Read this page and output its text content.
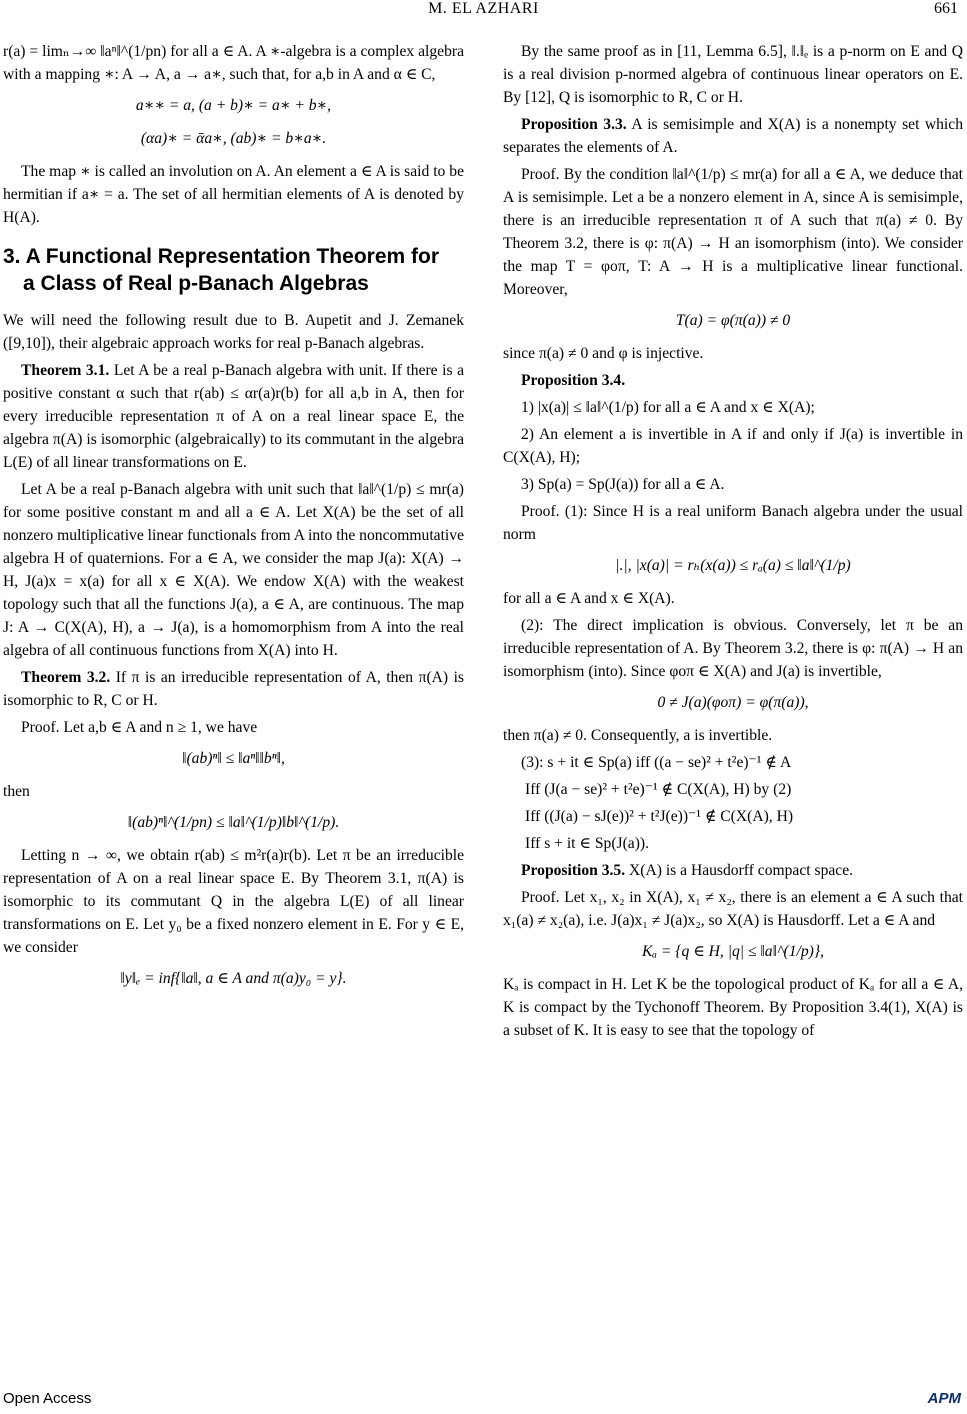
M. EL AZHARI	661

r(a) = limₙ→∞ ‖aⁿ‖^(1/pn) for all a ∈ A. A ∗-algebra is a complex algebra with a mapping ∗: A → A, a → a∗, such that, for a,b in A and α ∈ C,

a∗∗ = a, (a + b)∗ = a∗ + b∗,
(αa)∗ = ᾱa∗, (ab)∗ = b∗a∗.

The map ∗ is called an involution on A. An element a ∈ A is said to be hermitian if a∗ = a. The set of all hermitian elements of A is denoted by H(A).

3. A Functional Representation Theorem for
a Class of Real p-Banach Algebras

We will need the following result due to B. Aupetit and J. Zemanek ([9,10]), their algebraic approach works for real p-Banach algebras.

Theorem 3.1. Let A be a real p-Banach algebra with unit. If there is a positive constant α such that r(ab) ≤ αr(a)r(b) for all a,b in A, then for every irreducible representation π of A on a real linear space E, the algebra π(A) is isomorphic (algebraically) to its commutant in the algebra L(E) of all linear transformations on E.

Let A be a real p-Banach algebra with unit such that ‖a‖^(1/p) ≤ mr(a) for some positive constant m and all a ∈ A. Let X(A) be the set of all nonzero multiplicative linear functionals from A into the noncommutative algebra H of quaternions. For a ∈ A, we consider the map J(a): X(A) → H, J(a)x = x(a) for all x ∈ X(A). We endow X(A) with the weakest topology such that all the functions J(a), a ∈ A, are continuous. The map J: A → C(X(A), H), a → J(a), is a homomorphism from A into the real algebra of all continuous functions from X(A) into H.

Theorem 3.2. If π is an irreducible representation of A, then π(A) is isomorphic to R, C or H.

Proof. Let a,b ∈ A and n ≥ 1, we have

‖(ab)ⁿ‖ ≤ ‖aⁿ‖‖bⁿ‖,

then

‖(ab)ⁿ‖^(1/pn) ≤ ‖a‖^(1/p)‖b‖^(1/p).

Letting n → ∞, we obtain r(ab) ≤ m²r(a)r(b). Let π be an irreducible representation of A on a real linear space E. By Theorem 3.1, π(A) is isomorphic to its commutant Q in the algebra L(E) of all linear transformations on E. Let y₀ be a fixed nonzero element in E. For y ∈ E, we consider

‖y‖ₑ = inf{‖a‖, a ∈ A and π(a)y₀ = y}.

By the same proof as in [11, Lemma 6.5], ‖.‖ₑ is a p-norm on E and Q is a real division p-normed algebra of continuous linear operators on E. By [12], Q is isomorphic to R, C or H.

Proposition 3.3. A is semisimple and X(A) is a nonempty set which separates the elements of A.

Proof. By the condition ‖a‖^(1/p) ≤ mr(a) for all a ∈ A, we deduce that A is semisimple. Let a be a nonzero element in A, since A is semisimple, there is an irreducible representation π of A such that π(a) ≠ 0. By Theorem 3.2, there is φ: π(A) → H an isomorphism (into). We consider the map T = φoπ, T: A → H is a multiplicative linear functional. Moreover,

T(a) = φ(π(a)) ≠ 0

since π(a) ≠ 0 and φ is injective.

Proposition 3.4.

1) |x(a)| ≤ ‖a‖^(1/p) for all a ∈ A and x ∈ X(A);

2) An element a is invertible in A if and only if J(a) is invertible in C(X(A), H);

3) Sp(a) = Sp(J(a)) for all a ∈ A.

Proof. (1): Since H is a real uniform Banach algebra under the usual norm

|.|, |x(a)| = rₕ(x(a)) ≤ rₐ(a) ≤ ‖a‖^(1/p)

for all a ∈ A and x ∈ X(A).

(2): The direct implication is obvious. Conversely, let π be an irreducible representation of A. By Theorem 3.2, there is φ: π(A) → H an isomorphism (into). Since φoπ ∈ X(A) and J(a) is invertible,

0 ≠ J(a)(φoπ) = φ(π(a)),

then π(a) ≠ 0. Consequently, a is invertible.

(3): s + it ∈ Sp(a) iff ((a − se)² + t²e)⁻¹ ∉ A

Iff (J(a − se)² + t²e)⁻¹ ∉ C(X(A), H) by (2)

Iff ((J(a) − sJ(e))² + t²J(e))⁻¹ ∉ C(X(A), H)

Iff s + it ∈ Sp(J(a)).

Proposition 3.5. X(A) is a Hausdorff compact space.

Proof. Let x₁, x₂ in X(A), x₁ ≠ x₂, there is an element a ∈ A such that x₁(a) ≠ x₂(a), i.e. J(a)x₁ ≠ J(a)x₂, so X(A) is Hausdorff. Let a ∈ A and

Kₐ = {q ∈ H, |q| ≤ ‖a‖^(1/p)},

Kₐ is compact in H. Let K be the topological product of Kₐ for all a ∈ A, K is compact by the Tychonoff Theorem. By Proposition 3.4(1), X(A) is a subset of K. It is easy to see that the topology of

Open Access	APM
